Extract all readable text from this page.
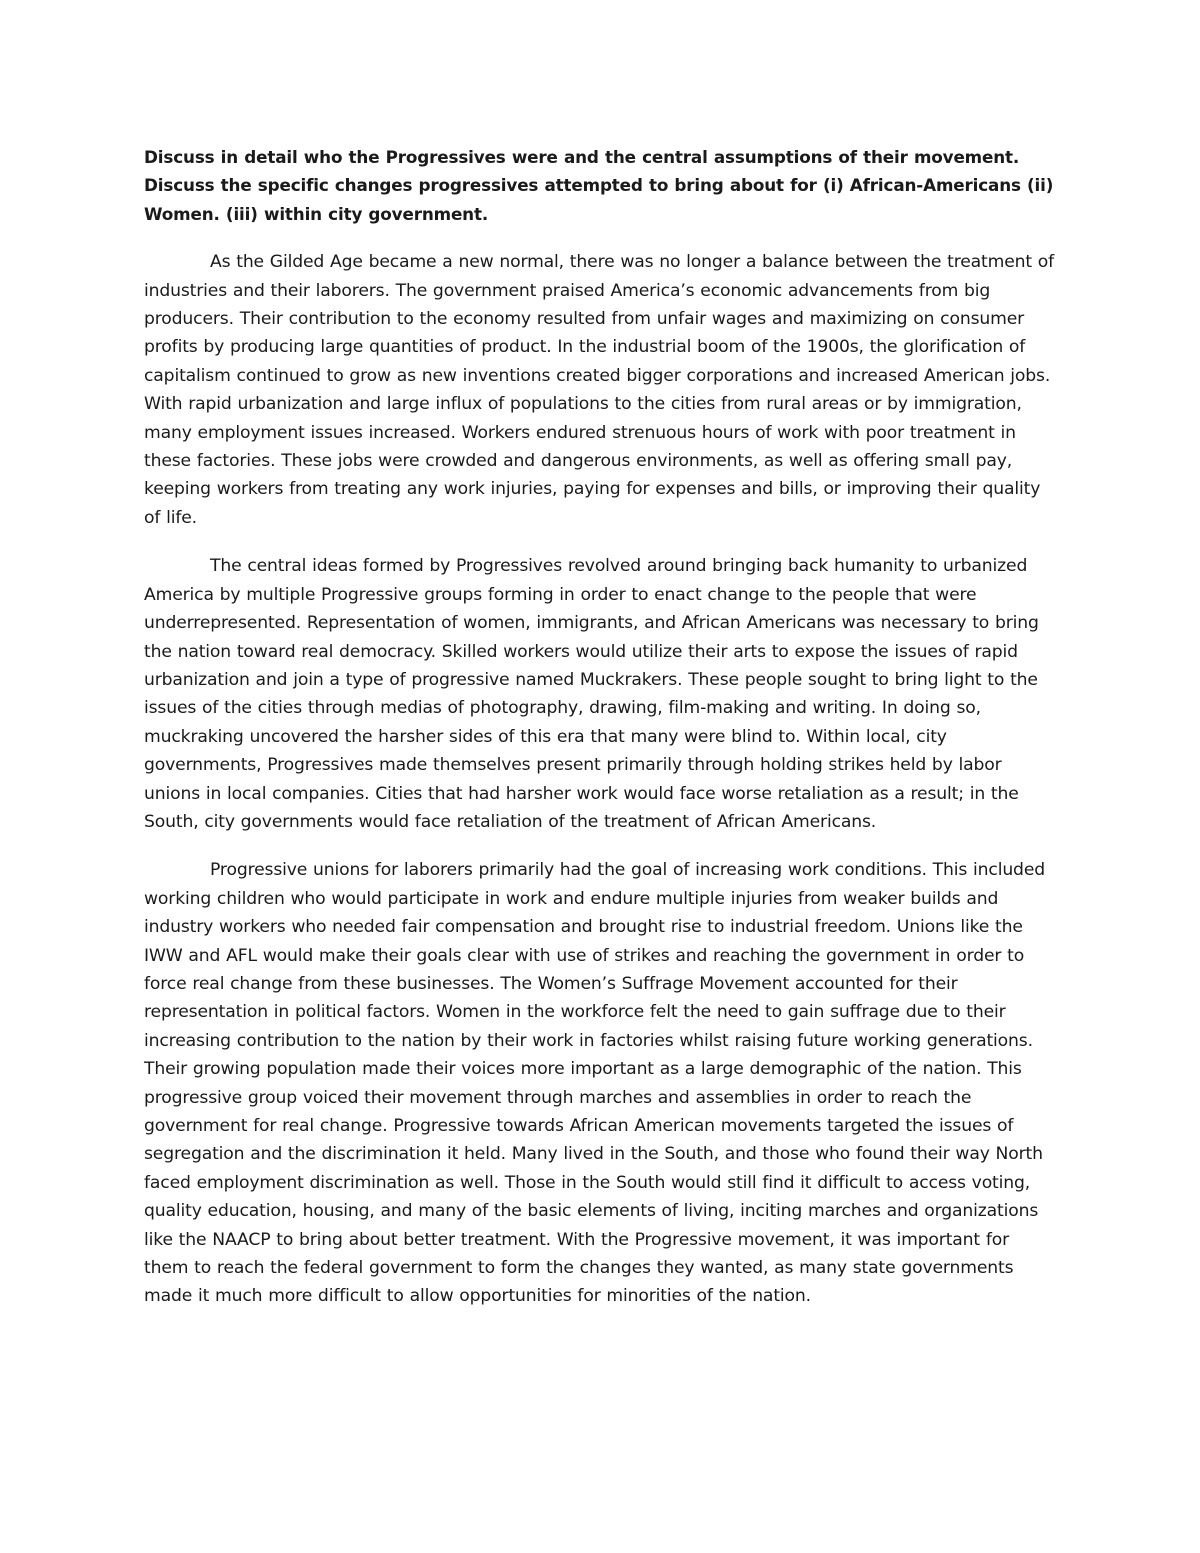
Discuss in detail who the Progressives were and the central assumptions of their movement. Discuss the specific changes progressives attempted to bring about for (i) African-Americans (ii) Women. (iii) within city government.

As the Gilded Age became a new normal, there was no longer a balance between the treatment of industries and their laborers. The government praised America’s economic advancements from big producers. Their contribution to the economy resulted from unfair wages and maximizing on consumer profits by producing large quantities of product. In the industrial boom of the 1900s, the glorification of capitalism continued to grow as new inventions created bigger corporations and increased American jobs. With rapid urbanization and large influx of populations to the cities from rural areas or by immigration, many employment issues increased. Workers endured strenuous hours of work with poor treatment in these factories. These jobs were crowded and dangerous environments, as well as offering small pay, keeping workers from treating any work injuries, paying for expenses and bills, or improving their quality of life.

The central ideas formed by Progressives revolved around bringing back humanity to urbanized America by multiple Progressive groups forming in order to enact change to the people that were underrepresented. Representation of women, immigrants, and African Americans was necessary to bring the nation toward real democracy. Skilled workers would utilize their arts to expose the issues of rapid urbanization and join a type of progressive named Muckrakers. These people sought to bring light to the issues of the cities through medias of photography, drawing, film-making and writing. In doing so, muckraking uncovered the harsher sides of this era that many were blind to. Within local, city governments, Progressives made themselves present primarily through holding strikes held by labor unions in local companies. Cities that had harsher work would face worse retaliation as a result; in the South, city governments would face retaliation of the treatment of African Americans.

Progressive unions for laborers primarily had the goal of increasing work conditions. This included working children who would participate in work and endure multiple injuries from weaker builds and industry workers who needed fair compensation and brought rise to industrial freedom. Unions like the IWW and AFL would make their goals clear with use of strikes and reaching the government in order to force real change from these businesses. The Women’s Suffrage Movement accounted for their representation in political factors. Women in the workforce felt the need to gain suffrage due to their increasing contribution to the nation by their work in factories whilst raising future working generations. Their growing population made their voices more important as a large demographic of the nation. This progressive group voiced their movement through marches and assemblies in order to reach the government for real change. Progressive towards African American movements targeted the issues of segregation and the discrimination it held. Many lived in the South, and those who found their way North faced employment discrimination as well. Those in the South would still find it difficult to access voting, quality education, housing, and many of the basic elements of living, inciting marches and organizations like the NAACP to bring about better treatment. With the Progressive movement, it was important for them to reach the federal government to form the changes they wanted, as many state governments made it much more difficult to allow opportunities for minorities of the nation.
